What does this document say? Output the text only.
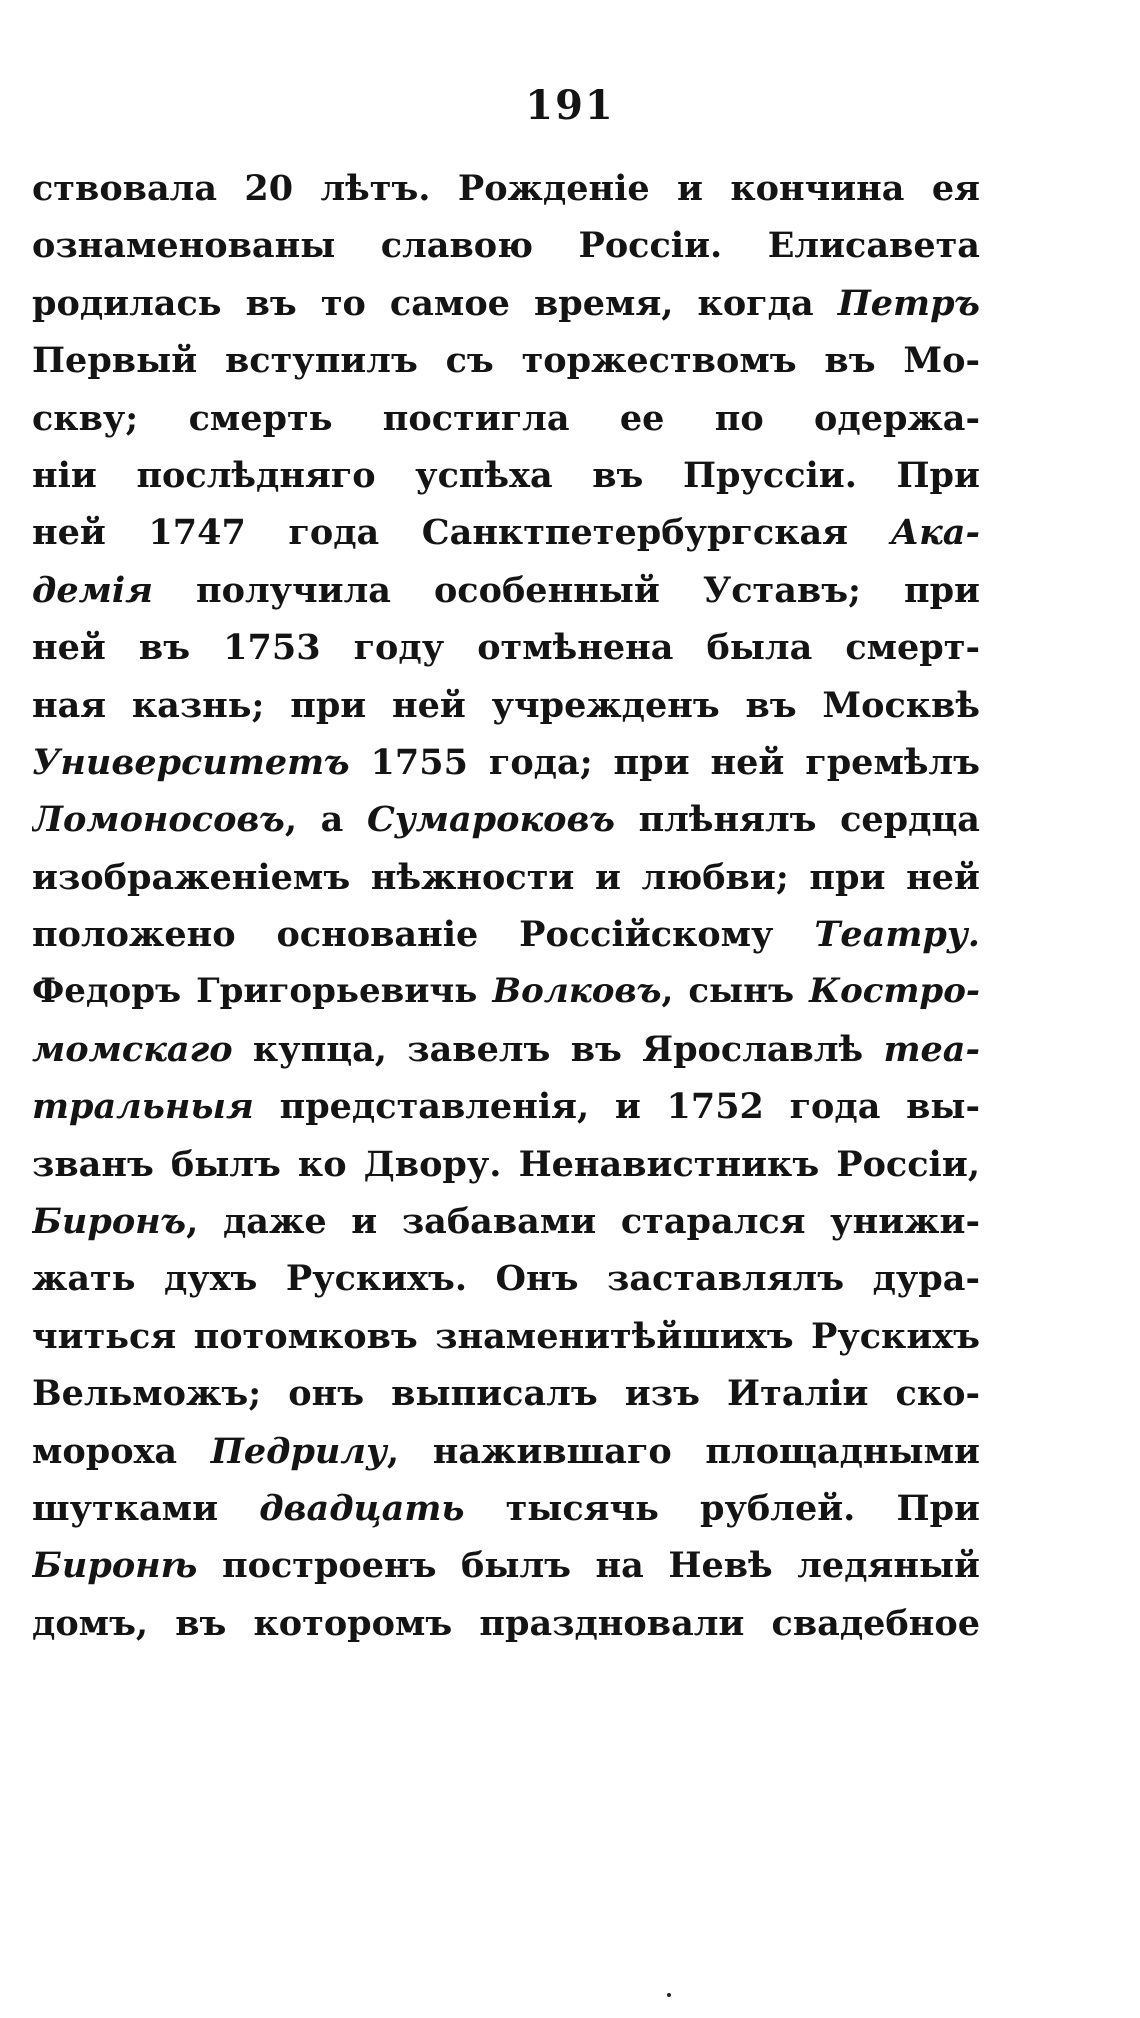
191
ствовала 20 лѣтъ. Рожденіе и кончина ея
ознаменованы славою Россіи. Елисавета
родилась въ то самое время, когда Петръ
Первый вступилъ съ торжествомъ въ Мо-
скву; смерть постигла ее по одержа-
ніи послѣдняго успѣха въ Пруссіи. При
ней 1747 года Санктпетербургская Ака-
демія получила особенный Уставъ; при
ней въ 1753 году отмѣнена была смерт-
ная казнь; при ней учрежденъ въ Москвѣ
Университетъ 1755 года; при ней гремѣлъ
Ломоносовъ, а Сумароковъ плѣнялъ сердца
изображеніемъ нѣжности и любви; при ней
положено основаніе Россійскому Театру.
Федоръ Григорьевичь Волковъ, сынъ Костро-
момскаго купца, завелъ въ Ярославлѣ теа-
тральныя представленія, и 1752 года вы-
званъ былъ ко Двору. Ненавистникъ Россіи,
Биронъ, даже и забавами старался унижи-
жать духъ Рускихъ. Онъ заставлялъ дура-
читься потомковъ знаменитѣйшихъ Рускихъ
Вельможъ; онъ выписалъ изъ Италіи ско-
мороха Педрилу, нажившаго площадными
шутками двадцать тысячь рублей. При
Биронѣ построенъ былъ на Невѣ ледяный
домъ, въ которомъ праздновали свадебное
